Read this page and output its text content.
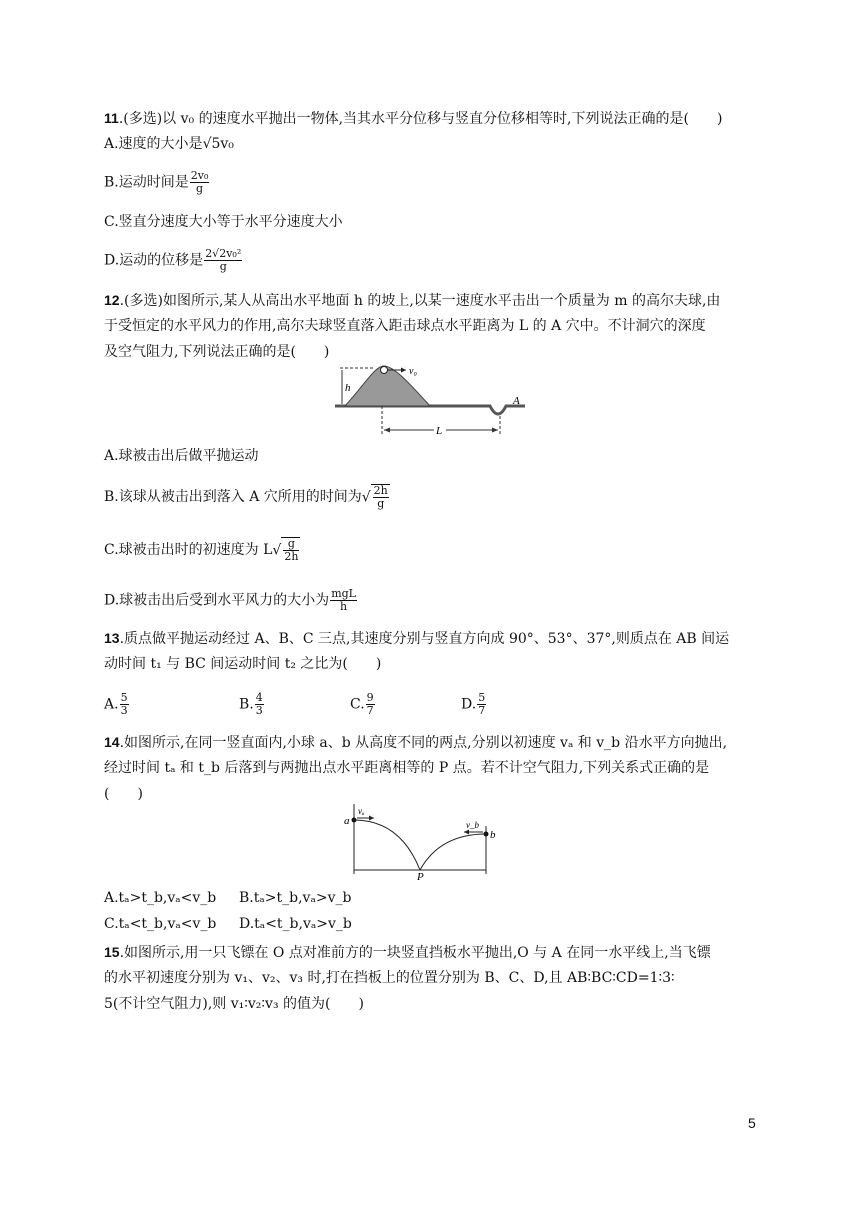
11.(多选)以 v₀ 的速度水平抛出一物体,当其水平分位移与竖直分位移相等时,下列说法正确的是(　　)
A.速度的大小是√5v₀
B.运动时间是 $\frac{\text{2v₀}}{g}$
C.竖直分速度大小等于水平分速度大小
D.运动的位移是 $\frac{\text{2√2v₀²}}{g}$
12.(多选)如图所示,某人从高出水平地面 h 的坡上,以某一速度水平击出一个质量为 m 的高尔夫球,由
于受恒定的水平风力的作用,高尔夫球竖直落入距击球点水平距离为 L 的 A 穴中。不计洞穴的深度
及空气阻力,下列说法正确的是(　　)
h
v₀
A
L
A.球被击出后做平抛运动
B.该球从被击出到落入 A 穴所用的时间为√ $\frac{2h}{g}$
C.球被击出时的初速度为 $L√ \frac{g}{2h}$
D.球被击出后受到水平风力的大小为 $\frac{\text{mgL}}{h}$
13.质点做平抛运动经过 A、B、C 三点,其速度分别与竖直方向成 90°、53°、37°,则质点在 AB 间运
动时间 t₁ 与 BC 间运动时间 t₂ 之比为(　　)
A. $\frac{5}{3}$	B. $\frac{4}{3}$	C. $\frac{9}{7}$	D. $\frac{5}{7}$
14.如图所示,在同一竖直面内,小球 a、b 从高度不同的两点,分别以初速度 vₐ 和 v_b 沿水平方向抛出,
经过时间 tₐ 和 t_b 后落到与两抛出点水平距离相等的 P 点。若不计空气阻力,下列关系式正确的是
(　　)
a
vₐ
b
v_b
P
A.tₐ>t_b,vₐ<v_b B.tₐ>t_b,vₐ>v_b
C.tₐ<t_b,vₐ<v_b D.tₐ<t_b,vₐ>v_b
15.如图所示,用一只飞镖在 O 点对准前方的一块竖直挡板水平抛出,O 与 A 在同一水平线上,当飞镖
的水平初速度分别为 v₁、v₂、v₃ 时,打在挡板上的位置分别为 B、C、D,且 AB∶BC∶CD=1∶3∶
5(不计空气阻力),则 v₁∶v₂∶v₃ 的值为(　　)
5
